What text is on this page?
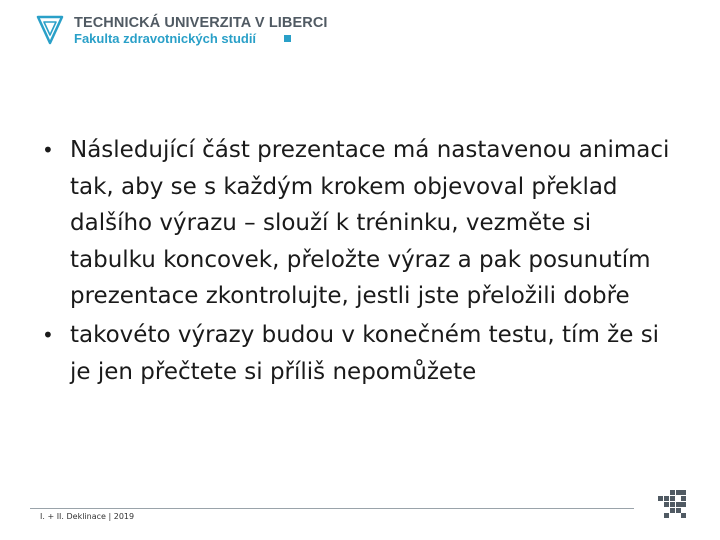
TECHNICKÁ UNIVERZITA V LIBERCI
Fakulta zdravotnických studií
• Následující část prezentace má nastavenou animaci tak, aby se s každým krokem objevoval překlad dalšího výrazu – slouží k tréninku, vezměte si tabulku koncovek, přeložte výraz a pak posunutím prezentace zkontrolujte, jestli jste přeložili dobře
• takovéto výrazy budou v konečném testu, tím že si je jen přečtete si příliš nepomůžete
I. + II. Deklinace | 2019
